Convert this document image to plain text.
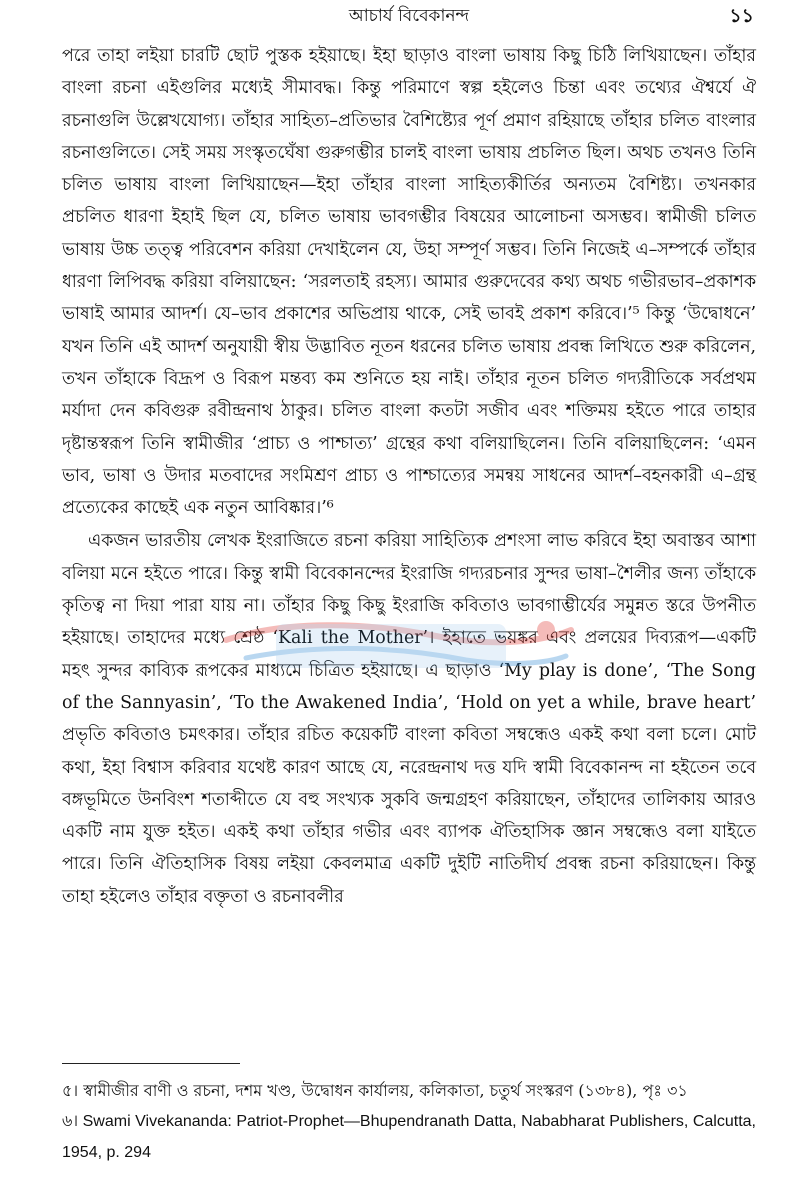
আচার্য বিবেকানন্দ	১১

পরে তাহা লইয়া চারটি ছোট পুস্তক হইয়াছে। ইহা ছাড়াও বাংলা ভাষায় কিছু চিঠি লিখিয়াছেন। তাঁহার বাংলা রচনা এইগুলির মধ্যেই সীমাবদ্ধ। কিন্তু পরিমাণে স্বল্প হইলেও চিন্তা এবং তথ্যের ঐশ্বর্যে ঐ রচনাগুলি উল্লেখযোগ্য। তাঁহার সাহিত্য–প্রতিভার বৈশিষ্ট্যের পূর্ণ প্রমাণ রহিয়াছে তাঁহার চলিত বাংলার রচনাগুলিতে। সেই সময় সংস্কৃতঘেঁষা গুরুগম্ভীর চালই বাংলা ভাষায় প্রচলিত ছিল। অথচ তখনও তিনি চলিত ভাষায় বাংলা লিখিয়াছেন—ইহা তাঁহার বাংলা সাহিত্যকীর্তির অন্যতম বৈশিষ্ট্য। তখনকার প্রচলিত ধারণা ইহাই ছিল যে, চলিত ভাষায় ভাবগম্ভীর বিষয়ের আলোচনা অসম্ভব। স্বামীজী চলিত ভাষায় উচ্চ তত্ত্ব পরিবেশন করিয়া দেখাইলেন যে, উহা সম্পূর্ণ সম্ভব। তিনি নিজেই এ–সম্পর্কে তাঁহার ধারণা লিপিবদ্ধ করিয়া বলিয়াছেন: ‘সরলতাই রহস্য। আমার গুরুদেবের কথ্য অথচ গভীরভাব–প্রকাশক ভাষাই আমার আদর্শ। যে–ভাব প্রকাশের অভিপ্রায় থাকে, সেই ভাবই প্রকাশ করিবে।’⁵ কিন্তু ‘উদ্বোধনে’ যখন তিনি এই আদর্শ অনুযায়ী স্বীয় উদ্ভাবিত নূতন ধরনের চলিত ভাষায় প্রবন্ধ লিখিতে শুরু করিলেন, তখন তাঁহাকে বিদ্রূপ ও বিরূপ মন্তব্য কম শুনিতে হয় নাই। তাঁহার নূতন চলিত গদ্যরীতিকে সর্বপ্রথম মর্যাদা দেন কবিগুরু রবীন্দ্রনাথ ঠাকুর। চলিত বাংলা কতটা সজীব এবং শক্তিময় হইতে পারে তাহার দৃষ্টান্তস্বরূপ তিনি স্বামীজীর ‘প্রাচ্য ও পাশ্চাত্য’ গ্রন্থের কথা বলিয়াছিলেন। তিনি বলিয়াছিলেন: ‘এমন ভাব, ভাষা ও উদার মতবাদের সংমিশ্রণ প্রাচ্য ও পাশ্চাত্যের সমন্বয় সাধনের আদর্শ–বহনকারী এ–গ্রন্থ প্রত্যেকের কাছেই এক নতুন আবিষ্কার।’⁶

একজন ভারতীয় লেখক ইংরাজিতে রচনা করিয়া সাহিত্যিক প্রশংসা লাভ করিবে ইহা অবাস্তব আশা বলিয়া মনে হইতে পারে। কিন্তু স্বামী বিবেকানন্দের ইংরাজি গদ্যরচনার সুন্দর ভাষা–শৈলীর জন্য তাঁহাকে কৃতিত্ব না দিয়া পারা যায় না। তাঁহার কিছু কিছু ইংরাজি কবিতাও ভাবগাম্ভীর্যের সমুন্নত স্তরে উপনীত হইয়াছে। তাহাদের মধ্যে শ্রেষ্ঠ ‘Kali the Mother’। ইহাতে ভয়ঙ্কর এবং প্রলয়ের দিব্যরূপ—একটি মহৎ সুন্দর কাব্যিক রূপকের মাধ্যমে চিত্রিত হইয়াছে। এ ছাড়াও ‘My play is done’, ‘The Song of the Sannyasin’, ‘To the Awakened India’, ‘Hold on yet a while, brave heart’ প্রভৃতি কবিতাও চমৎকার। তাঁহার রচিত কয়েকটি বাংলা কবিতা সম্বন্ধেও একই কথা বলা চলে। মোট কথা, ইহা বিশ্বাস করিবার যথেষ্ট কারণ আছে যে, নরেন্দ্রনাথ দত্ত যদি স্বামী বিবেকানন্দ না হইতেন তবে বঙ্গভূমিতে উনবিংশ শতাব্দীতে যে বহু সংখ্যক সুকবি জন্মগ্রহণ করিয়াছেন, তাঁহাদের তালিকায় আরও একটি নাম যুক্ত হইত। একই কথা তাঁহার গভীর এবং ব্যাপক ঐতিহাসিক জ্ঞান সম্বন্ধেও বলা যাইতে পারে। তিনি ঐতিহাসিক বিষয় লইয়া কেবলমাত্র একটি দুইটি নাতিদীর্ঘ প্রবন্ধ রচনা করিয়াছেন। কিন্তু তাহা হইলেও তাঁহার বক্তৃতা ও রচনাবলীর

৫। স্বামীজীর বাণী ও রচনা, দশম খণ্ড, উদ্বোধন কার্যালয়, কলিকাতা, চতুর্থ সংস্করণ (১৩৮৪), পৃঃ ৩১

৬। Swami Vivekananda: Patriot-Prophet—Bhupendranath Datta, Nababharat Publishers, Calcutta, 1954, p. 294
